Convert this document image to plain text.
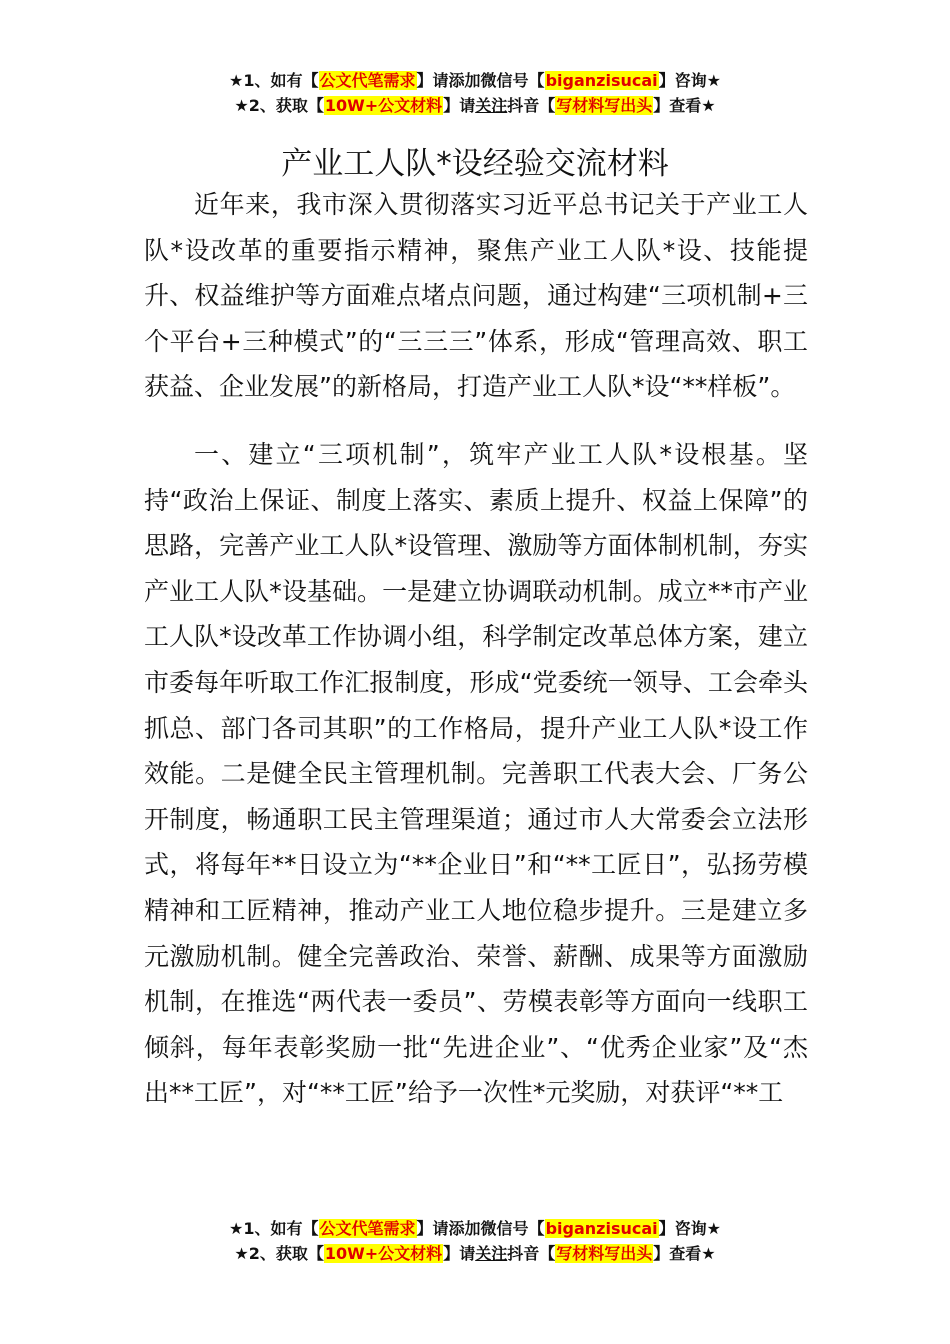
★1、如有【公文代笔需求】请添加微信号【biganzisucai】咨询★
★2、获取【10W+公文材料】请关注抖音【写材料写出头】查看★
产业工人队*设经验交流材料

近年来，我市深入贯彻落实习近平总书记关于产业工人队*设改革的重要指示精神，聚焦产业工人队*设、技能提升、权益维护等方面难点堵点问题，通过构建“三项机制+三个平台+三种模式”的“三三三”体系，形成“管理高效、职工获益、企业发展”的新格局，打造产业工人队*设“**样板”。

一、建立“三项机制”，筑牢产业工人队*设根基。坚持“政治上保证、制度上落实、素质上提升、权益上保障”的思路，完善产业工人队*设管理、激励等方面体制机制，夯实产业工人队*设基础。一是建立协调联动机制。成立**市产业工人队*设改革工作协调小组，科学制定改革总体方案，建立市委每年听取工作汇报制度，形成“党委统一领导、工会牵头抓总、部门各司其职”的工作格局，提升产业工人队*设工作效能。二是健全民主管理机制。完善职工代表大会、厂务公开制度，畅通职工民主管理渠道；通过市人大常委会立法形式，将每年**日设立为“**企业日”和“**工匠日”，弘扬劳模精神和工匠精神，推动产业工人地位稳步提升。三是建立多元激励机制。健全完善政治、荣誉、薪酬、成果等方面激励机制，在推选“两代表一委员”、劳模表彰等方面向一线职工倾斜，每年表彰奖励一批“先进企业”、“优秀企业家”及“杰出**工匠”，对“**工匠”给予一次性*元奖励，对获评“**工

★1、如有【公文代笔需求】请添加微信号【biganzisucai】咨询★
★2、获取【10W+公文材料】请关注抖音【写材料写出头】查看★
